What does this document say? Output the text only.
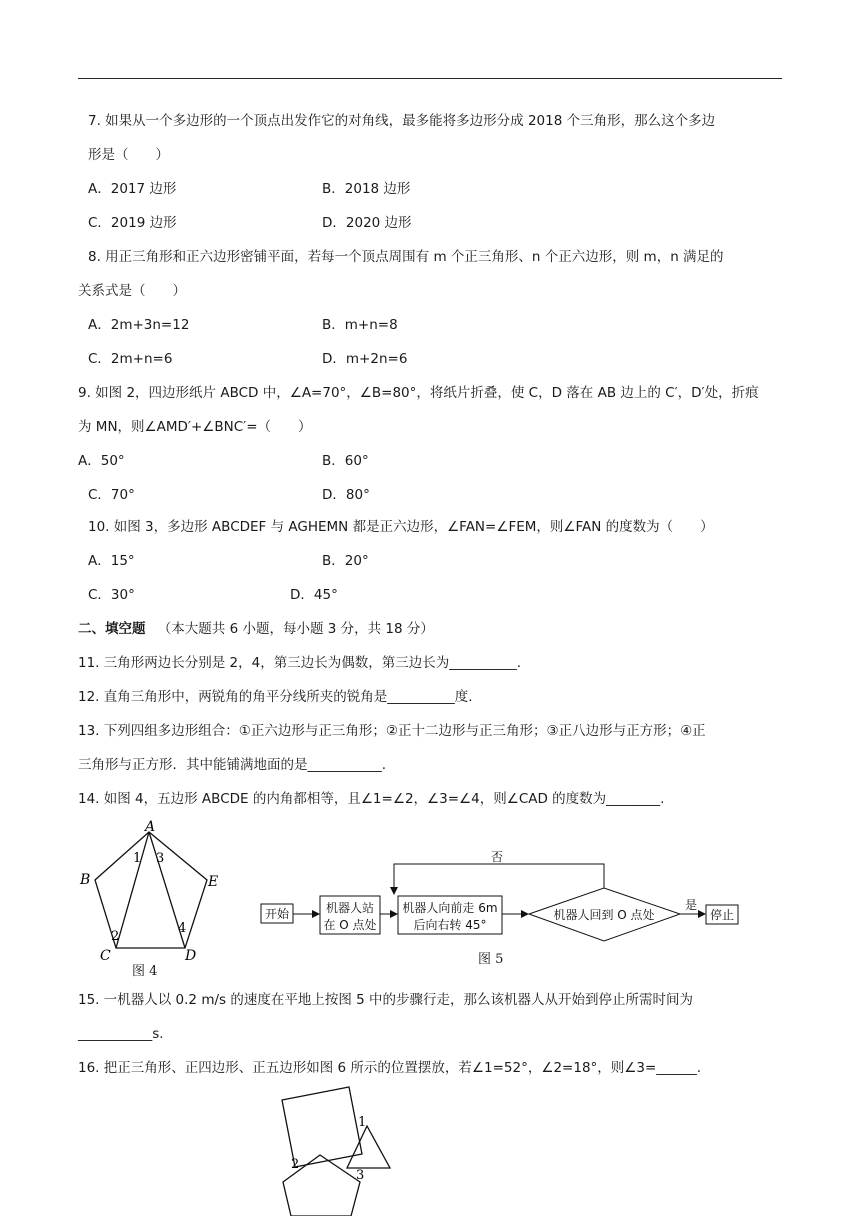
7. 如果从一个多边形的一个顶点出发作它的对角线，最多能将多边形分成 2018 个三角形，那么这个多边
形是（　　）
A．2017 边形	B．2018 边形
C．2019 边形	D．2020 边形
8. 用正三角形和正六边形密铺平面，若每一个顶点周围有 m 个正三角形、n 个正六边形，则 m，n 满足的
关系式是（　　）
A．2m+3n=12	B．m+n=8
C．2m+n=6	D．m+2n=6
9. 如图 2，四边形纸片 ABCD 中，∠A=70°，∠B=80°，将纸片折叠，使 C，D 落在 AB 边上的 C′，D′处，折痕
为 MN，则∠AMD′+∠BNC′=（　　）
A．50°	B．60°
C．70°	D．80°
10. 如图 3，多边形 ABCDEF 与 AGHEMN 都是正六边形，∠FAN=∠FEM，则∠FAN 的度数为（　　）
A．15°	B．20°
C．30°	D．45°
二、填空题 （本大题共 6 小题，每小题 3 分，共 18 分）
11. 三角形两边长分别是 2，4，第三边长为偶数，第三边长为__________.
12. 直角三角形中，两锐角的角平分线所夹的锐角是__________度.
13. 下列四组多边形组合：①正六边形与正三角形；②正十二边形与正三角形；③正八边形与正方形；④正
三角形与正方形．其中能铺满地面的是___________.
14. 如图 4，五边形 ABCDE 的内角都相等，且∠1=∠2，∠3=∠4，则∠CAD 的度数为________.
A
B
C	D
E
1
2
3
4
图 4
开始	机器人站
在 O 点处
机器人向前走 6m
后向右转 45°
机器人回到 O 点处
否
是
停止
图 5
15. 一机器人以 0.2 m/s 的速度在平地上按图 5 中的步骤行走，那么该机器人从开始到停止所需时间为
___________s.
16. 把正三角形、正四边形、正五边形如图 6 所示的位置摆放，若∠1=52°，∠2=18°，则∠3=______.
1
2
3
